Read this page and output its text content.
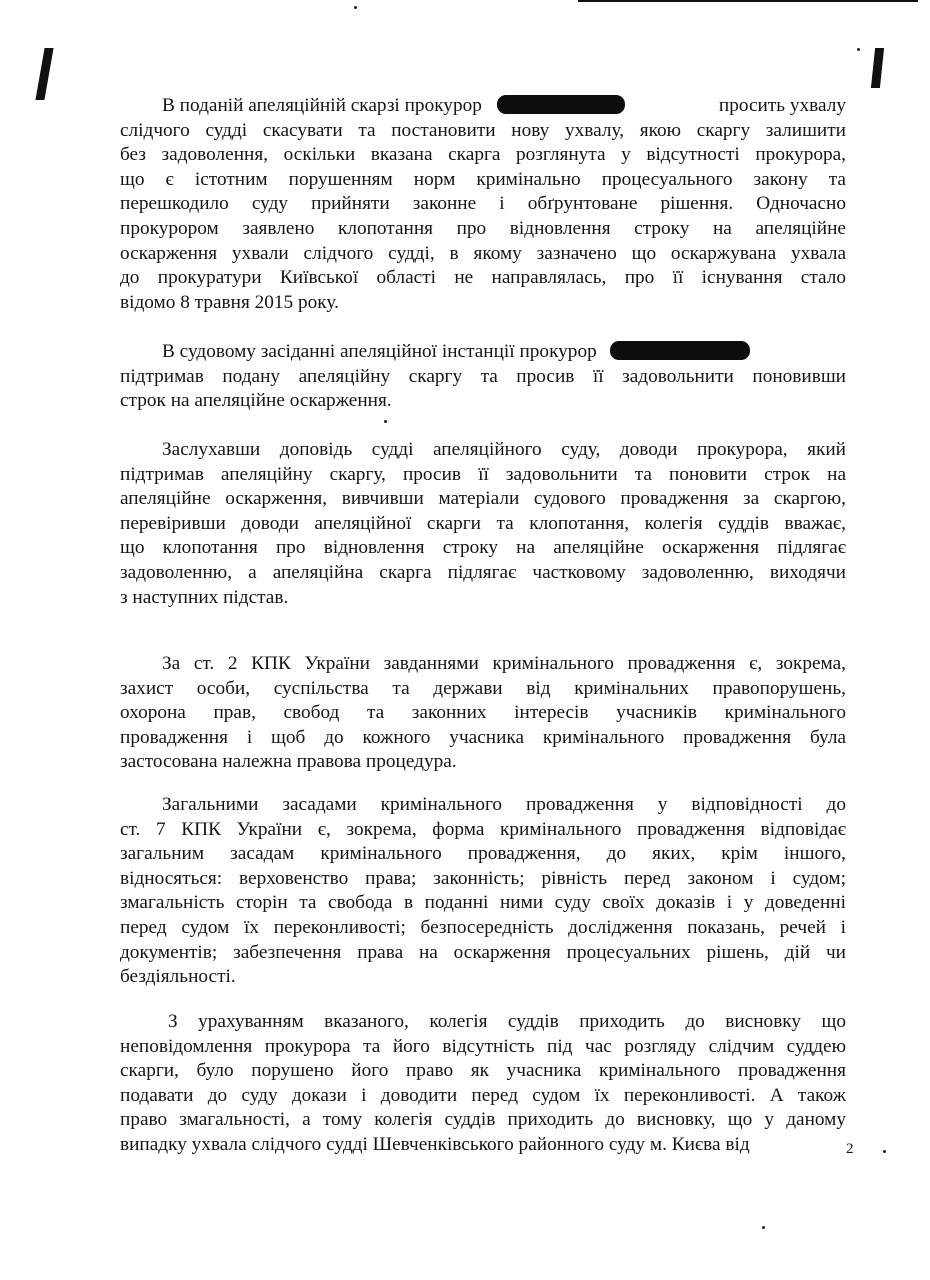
В поданій апеляційній скарзі прокурор	просить ухвалу
слідчого судді скасувати та постановити нову ухвалу, якою скаргу залишити
без задоволення, оскільки вказана скарга розглянута у відсутності прокурора,
що є істотним порушенням норм кримінально процесуального закону та
перешкодило суду прийняти законне і обґрунтоване рішення. Одночасно
прокурором заявлено клопотання про відновлення строку на апеляційне
оскарження ухвали слідчого судді, в якому зазначено що оскаржувана ухвала
до прокуратури Київської області не направлялась, про її існування стало
відомо 8 травня 2015 року.
В судовому засіданні апеляційної інстанції прокурор
підтримав подану апеляційну скаргу та просив її задовольнити поновивши
строк на апеляційне оскарження.
Заслухавши доповідь судді апеляційного суду, доводи прокурора, який
підтримав апеляційну скаргу, просив її задовольнити та поновити строк на
апеляційне оскарження, вивчивши матеріали судового провадження за скаргою,
перевіривши доводи апеляційної скарги та клопотання, колегія суддів вважає,
що клопотання про відновлення строку на апеляційне оскарження підлягає
задоволенню, а апеляційна скарга підлягає частковому задоволенню, виходячи
з наступних підстав.
За ст. 2 КПК України завданнями кримінального провадження є, зокрема,
захист особи, суспільства та держави від кримінальних правопорушень,
охорона прав, свобод та законних інтересів учасників кримінального
провадження і щоб до кожного учасника кримінального провадження була
застосована належна правова процедура.
Загальними засадами кримінального провадження у відповідності до
ст. 7 КПК України є, зокрема, форма кримінального провадження відповідає
загальним засадам кримінального провадження, до яких, крім іншого,
відносяться: верховенство права; законність; рівність перед законом і судом;
змагальність сторін та свобода в поданні ними суду своїх доказів і у доведенні
перед судом їх переконливості; безпосередність дослідження показань, речей і
документів; забезпечення права на оскарження процесуальних рішень, дій чи
бездіяльності.
З урахуванням вказаного, колегія суддів приходить до висновку що
неповідомлення прокурора та його відсутність під час розгляду слідчим суддею
скарги, було порушено його право як учасника кримінального провадження
подавати до суду докази і доводити перед судом їх переконливості. А також
право змагальності, а тому колегія суддів приходить до висновку, що у даному
випадку ухвала слідчого судді Шевченківського районного суду м. Києва від	2
